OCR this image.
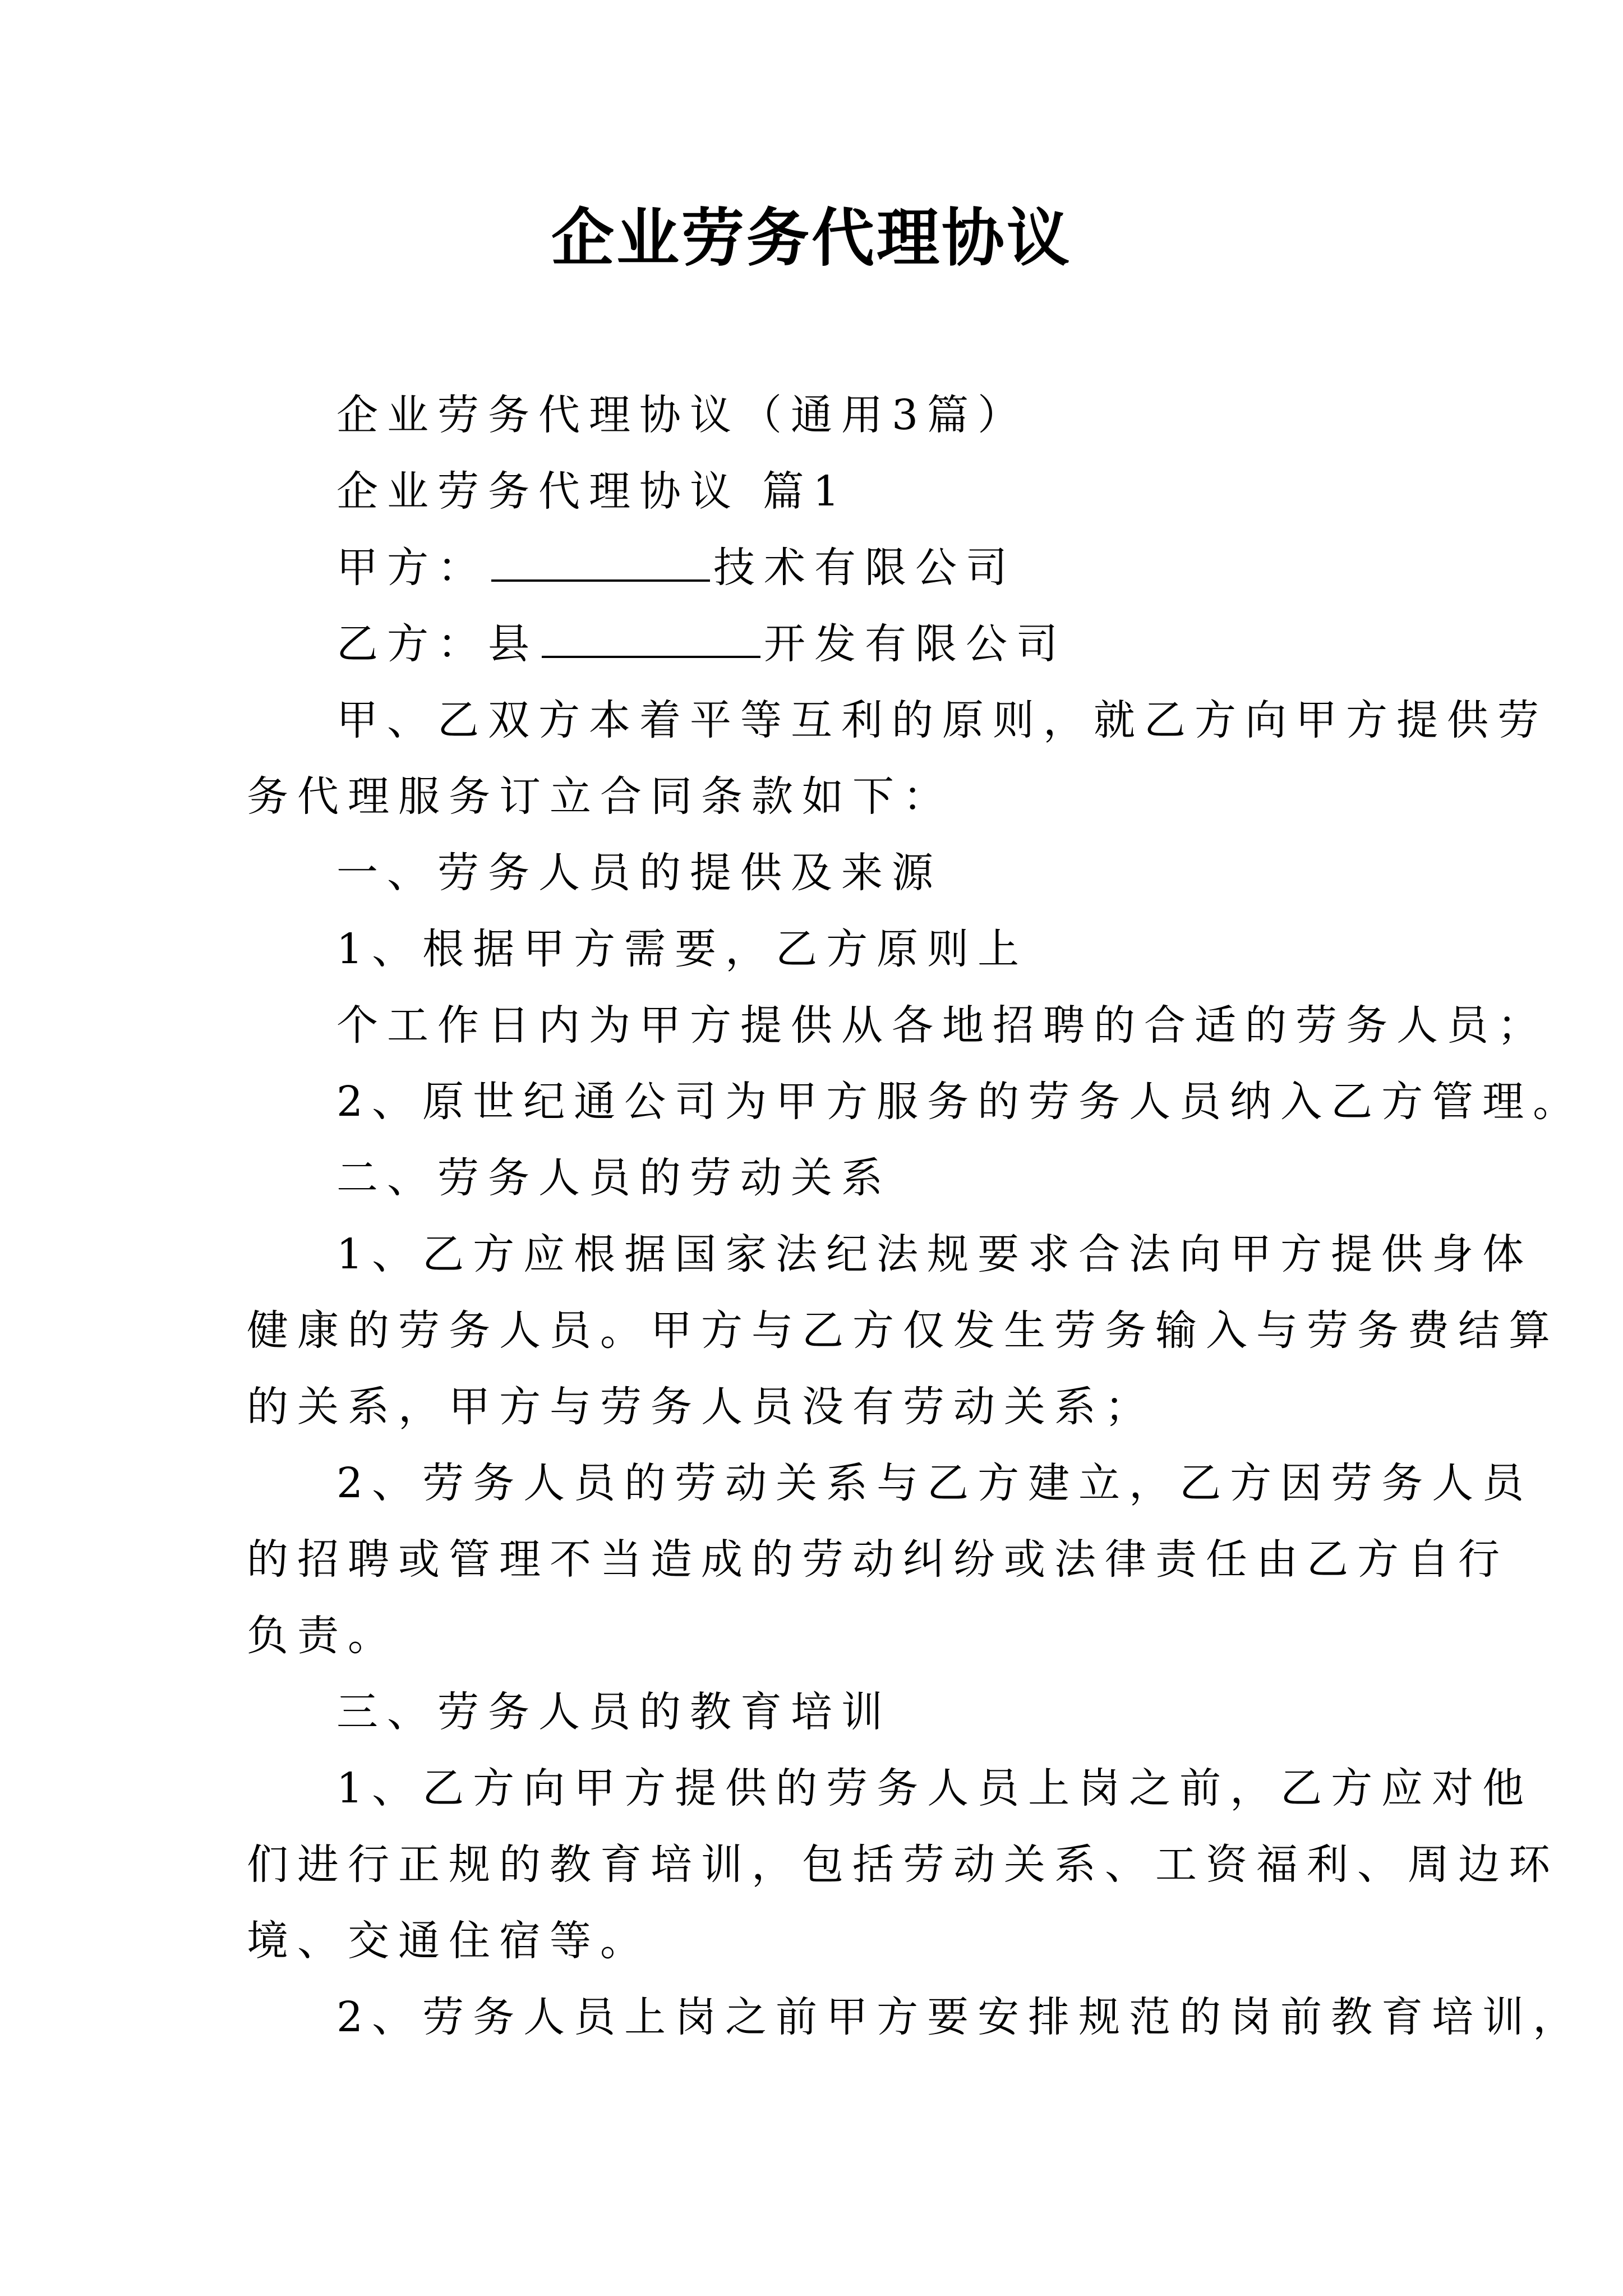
企业劳务代理协议
企业劳务代理协议（通用3篇）
企业劳务代理协议 篇1
甲方：	技术有限公司
乙方：县	开发有限公司
甲、乙双方本着平等互利的原则，就乙方向甲方提供劳
务代理服务订立合同条款如下：
一、劳务人员的提供及来源
1、根据甲方需要，乙方原则上
个工作日内为甲方提供从各地招聘的合适的劳务人员；
2、原世纪通公司为甲方服务的劳务人员纳入乙方管理。
二、劳务人员的劳动关系
1、乙方应根据国家法纪法规要求合法向甲方提供身体
健康的劳务人员。甲方与乙方仅发生劳务输入与劳务费结算
的关系，甲方与劳务人员没有劳动关系；
2、劳务人员的劳动关系与乙方建立，乙方因劳务人员
的招聘或管理不当造成的劳动纠纷或法律责任由乙方自行
负责。
三、劳务人员的教育培训
1、乙方向甲方提供的劳务人员上岗之前，乙方应对他
们进行正规的教育培训，包括劳动关系、工资福利、周边环
境、交通住宿等。
2、劳务人员上岗之前甲方要安排规范的岗前教育培训，
